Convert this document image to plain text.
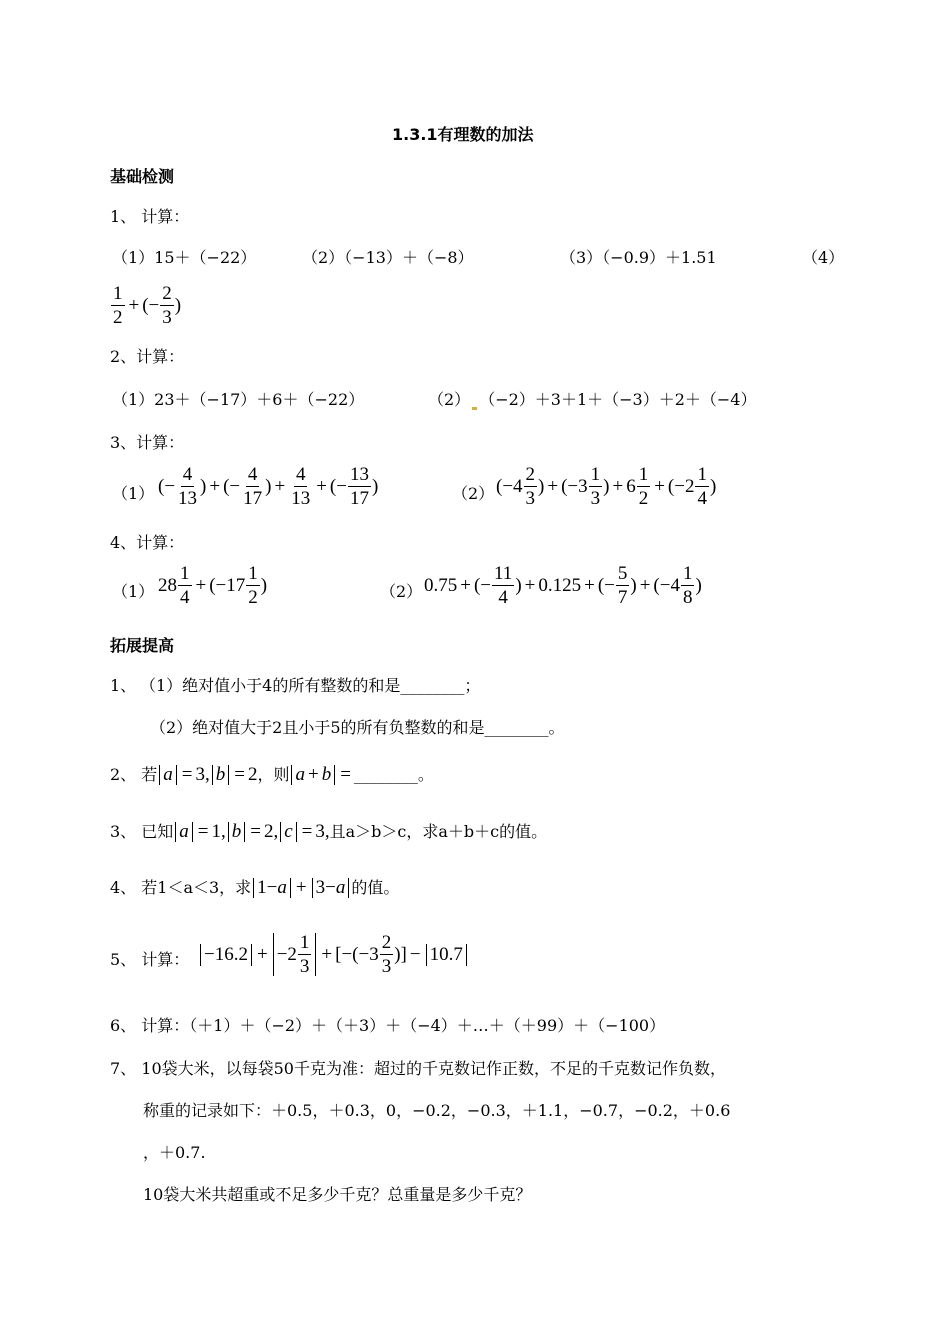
1.3.1有理数的加法
基础检测
1、 计算：
（1）15＋（−22）	（2）（−13）＋（−8）	（3）（−0.9）＋1.51	（4）
$\frac{1}{2}$ + (− $\frac{2}{3}$ )
2、计算：
（1）23＋（−17）＋6＋（−22）	（2） （−2）＋3＋1＋（−3）＋2＋（−4）
3、计算：
（1） (− $\frac{4}{13}$ ) + (− $\frac{4}{17}$ ) + $\frac{4}{13}$ + (− $\frac{13}{17}$ )	（2） ($-4 \frac{2}{3}$ ) + ($-3 \frac{1}{3}$ ) + $6 \frac{1}{2} + (-2 \frac{1}{4}$ )
4、计算：
（1） $28 \frac{1}{4} + (-17 \frac{1}{2}$ )	（2） 0.75 + (− $\frac{11}{4}$ ) + 0.125 + (− $\frac{5}{7}$ ) + ($-4 \frac{1}{8}$ )
拓展提高
1、 （1）绝对值小于4的所有整数的和是________；
（2）绝对值大于2且小于5的所有负整数的和是________。
2、 若 a = 3, b = 2 ，则 a + b = ________。
3、 已知 a = 1, b = 2, c = 3, 且a＞b＞c，求a＋b＋c的值。
4、 若1＜a＜3，求 1−a + 3−a 的值。
5、 计算： $-16.2 + -2 \frac{1}{3} + [-(-3 \frac{2}{3}$ )] − 10.7
6、 计算：（＋1）＋（−2）＋（＋3）＋（−4）＋…＋（＋99）＋（−100）
7、 10袋大米，以每袋50千克为准：超过的千克数记作正数，不足的千克数记作负数，
称重的记录如下：＋0.5，＋0.3，0，−0.2，−0.3，＋1.1，−0.7，−0.2，＋0.6
，＋0.7.
10袋大米共超重或不足多少千克？总重量是多少千克？
